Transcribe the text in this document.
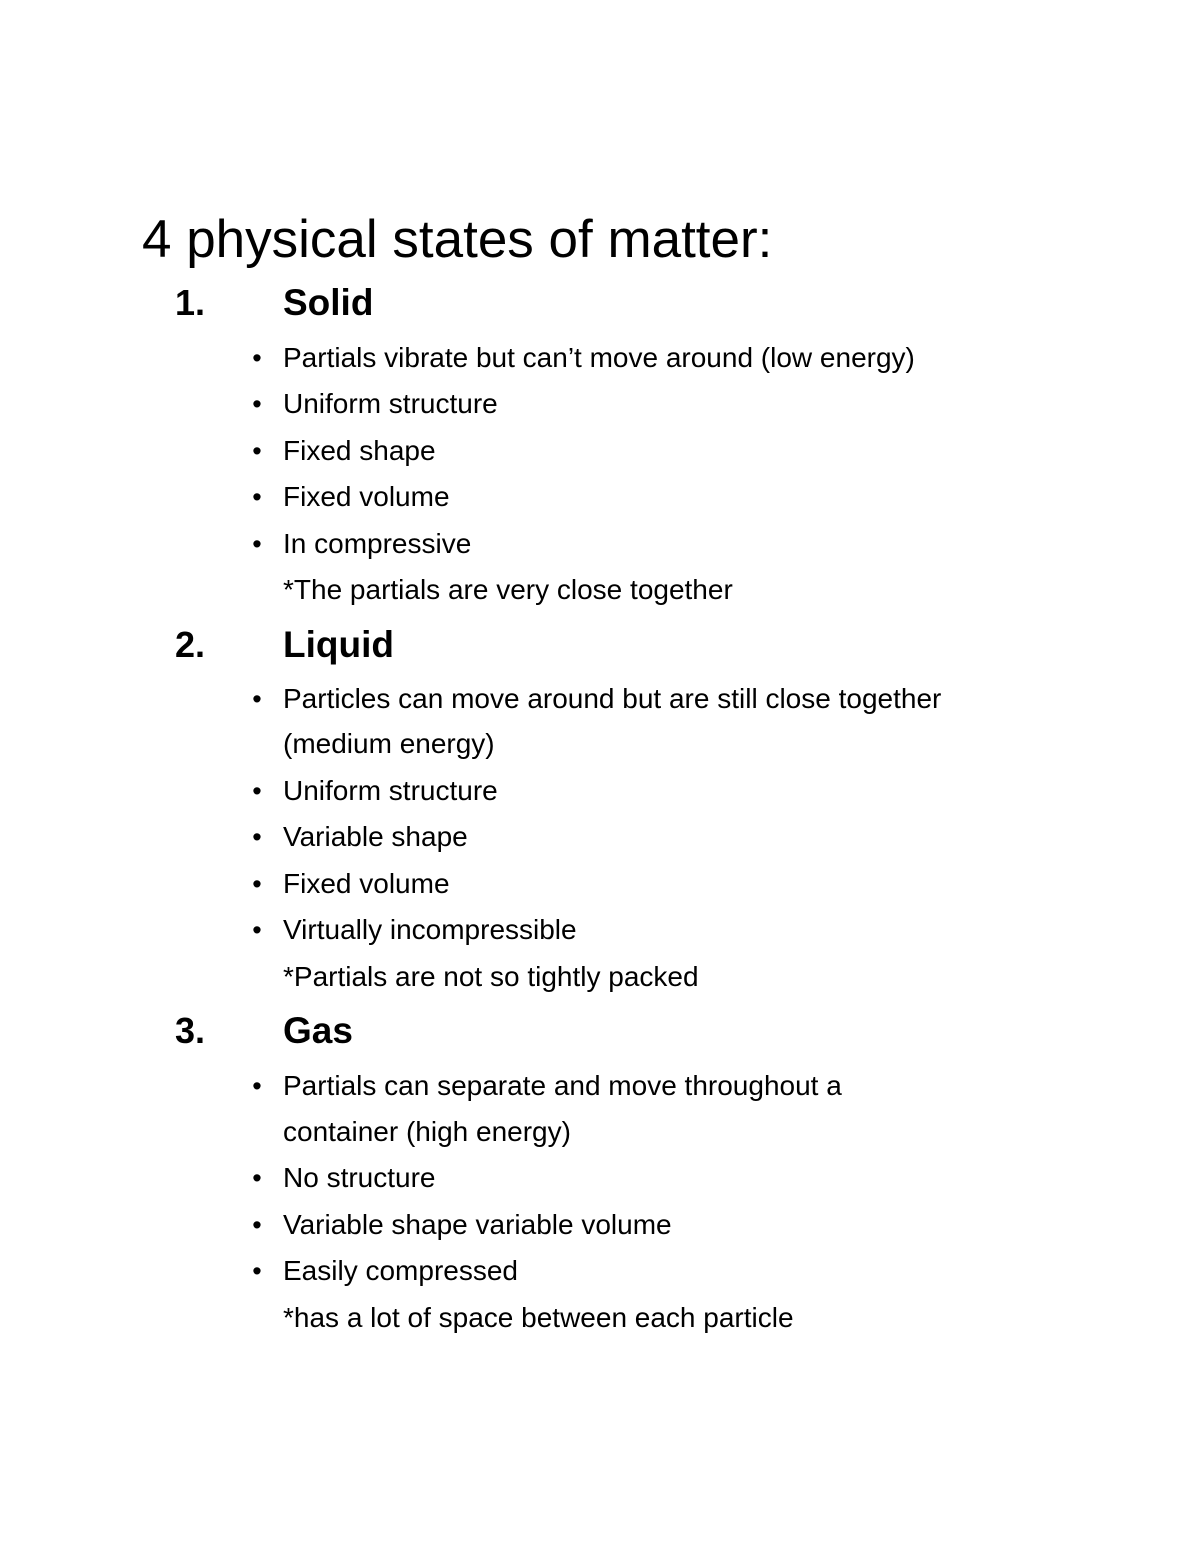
4 physical states of matter:
1. Solid
• Partials vibrate but can’t move around (low energy)

• Uniform structure

• Fixed shape

• Fixed volume

• In compressive

*The partials are very close together

2. Liquid
• Particles can move around but are still close together

(medium energy)

• Uniform structure

• Variable shape

• Fixed volume

• Virtually incompressible

*Partials are not so tightly packed

3. Gas
• Partials can separate and move throughout a

container (high energy)

• No structure

• Variable shape variable volume

• Easily compressed

*has a lot of space between each particle
